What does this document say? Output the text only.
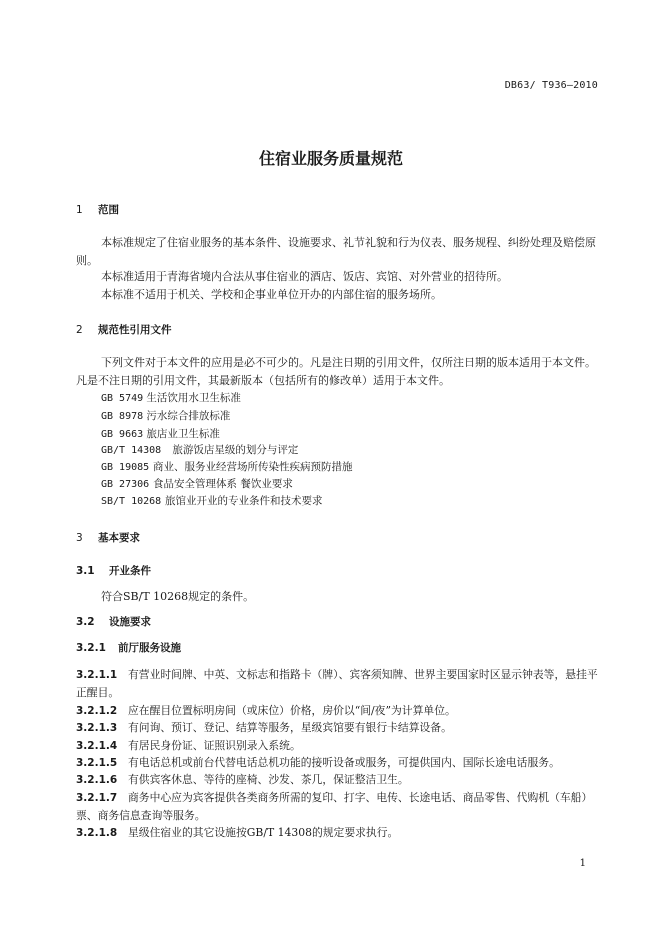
DB63/ T936—2010
住宿业服务质量规范
1 范围
本标准规定了住宿业服务的基本条件、设施要求、礼节礼貌和行为仪表、服务规程、纠纷处理及赔偿原则。
本标准适用于青海省境内合法从事住宿业的酒店、饭店、宾馆、对外营业的招待所。
本标准不适用于机关、学校和企事业单位开办的内部住宿的服务场所。
2 规范性引用文件
下列文件对于本文件的应用是必不可少的。凡是注日期的引用文件，仅所注日期的版本适用于本文件。凡是不注日期的引用文件，其最新版本（包括所有的修改单）适用于本文件。
GB 5749 生活饮用水卫生标准
GB 8978 污水综合排放标准
GB 9663 旅店业卫生标准
GB/T 14308 旅游饭店星级的划分与评定
GB 19085 商业、服务业经营场所传染性疾病预防措施
GB 27306 食品安全管理体系 餐饮业要求
SB/T 10268 旅馆业开业的专业条件和技术要求
3 基本要求
3.1 开业条件
符合SB/T 10268规定的条件。
3.2 设施要求
3.2.1 前厅服务设施
3.2.1.1 有营业时间牌、中英、文标志和指路卡（牌）、宾客须知牌、世界主要国家时区显示钟表等，悬挂平正醒目。
3.2.1.2 应在醒目位置标明房间（或床位）价格，房价以“间/夜”为计算单位。
3.2.1.3 有问询、预订、登记、结算等服务，星级宾馆要有银行卡结算设备。
3.2.1.4 有居民身份证、证照识别录入系统。
3.2.1.5 有电话总机或前台代替电话总机功能的接听设备或服务，可提供国内、国际长途电话服务。
3.2.1.6 有供宾客休息、等待的座椅、沙发、茶几，保证整洁卫生。
3.2.1.7 商务中心应为宾客提供各类商务所需的复印、打字、电传、长途电话、商品零售、代购机（车船）票、商务信息查询等服务。
3.2.1.8 星级住宿业的其它设施按GB/T 14308的规定要求执行。
1
